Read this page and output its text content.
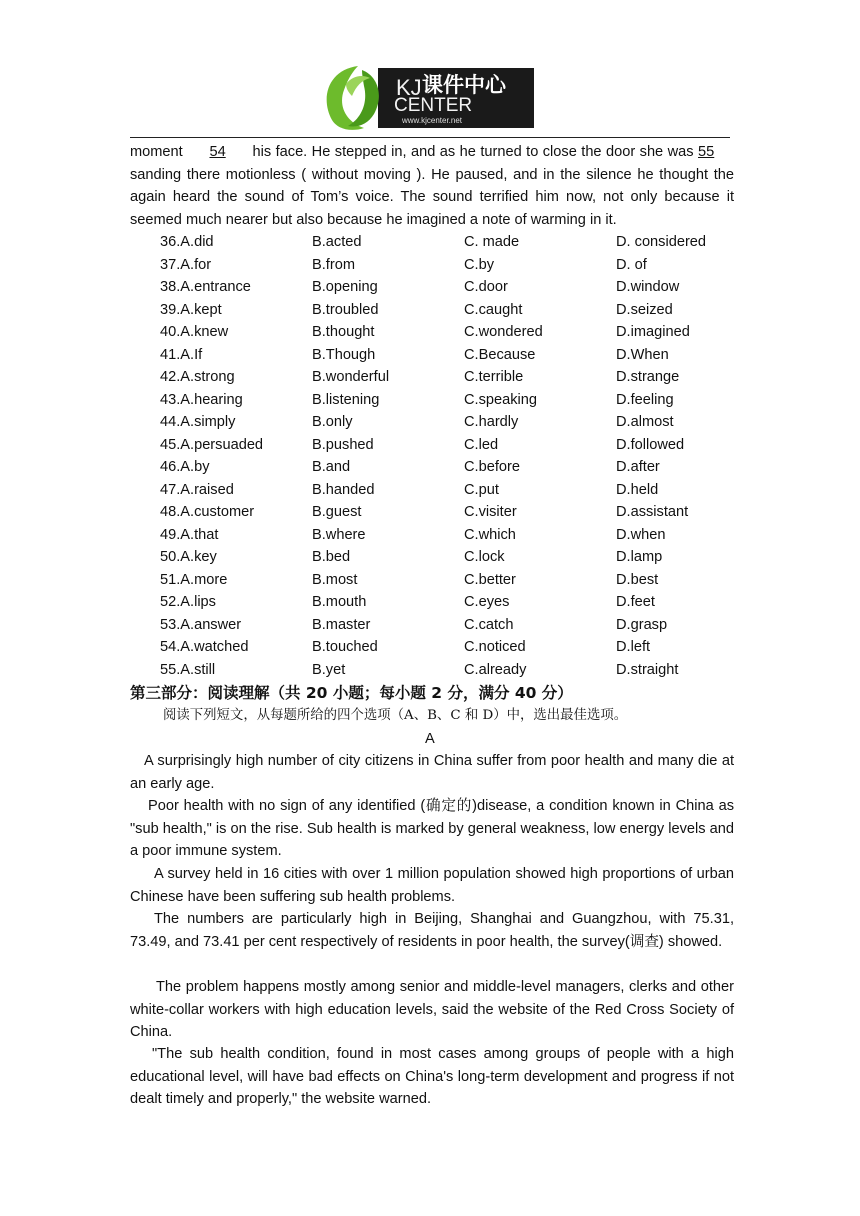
KJ
CENTER
课件中心
www.kjcenter.net

moment 54 his face. He stepped in, and as he turned to close the door she was 55 sanding there motionless ( without moving ). He paused, and in the silence he thought the again heard the sound of Tom’s voice. The sound terrified him now, not only because it seemed much nearer but also because he imagined a note of warming in it.

36.A.did	B.acted	C. made	D. considered
37.A.for	B.from	C.by	D. of
38.A.entrance	B.opening	C.door	D.window
39.A.kept	B.troubled	C.caught	D.seized
40.A.knew	B.thought	C.wondered	D.imagined
41.A.If	B.Though	C.Because	D.When
42.A.strong	B.wonderful	C.terrible	D.strange
43.A.hearing	B.listening	C.speaking	D.feeling
44.A.simply	B.only	C.hardly	D.almost
45.A.persuaded	B.pushed	C.led	D.followed
46.A.by	B.and	C.before	D.after
47.A.raised	B.handed	C.put	D.held
48.A.customer	B.guest	C.visiter	D.assistant
49.A.that	B.where	C.which	D.when
50.A.key	B.bed	C.lock	D.lamp
51.A.more	B.most	C.better	D.best
52.A.lips	B.mouth	C.eyes	D.feet
53.A.answer	B.master	C.catch	D.grasp
54.A.watched	B.touched	C.noticed	D.left
55.A.still	B.yet	C.already	D.straight
第三部分：阅读理解（共 20 小题；每小题 2 分，满分 40 分）
阅读下列短文，从每题所给的四个选项（A、B、C 和 D）中，选出最佳选项。
A

A surprisingly high number of city citizens in China suffer from poor health and many die at an early age.

Poor health with no sign of any identified (确定的)disease, a condition known in China as "sub health," is on the rise. Sub health is marked by general weakness, low energy levels and a poor immune system.

A survey held in 16 cities with over 1 million population showed high proportions of urban Chinese have been suffering sub health problems.

The numbers are particularly high in Beijing, Shanghai and Guangzhou, with 75.31, 73.49, and 73.41 per cent respectively of residents in poor health, the survey(调查) showed.

The problem happens mostly among senior and middle-level managers, clerks and other white-collar workers with high education levels, said the website of the Red Cross Society of China.

"The sub health condition, found in most cases among groups of people with a high educational level, will have bad effects on China's long-term development and progress if not dealt timely and properly," the website warned.
